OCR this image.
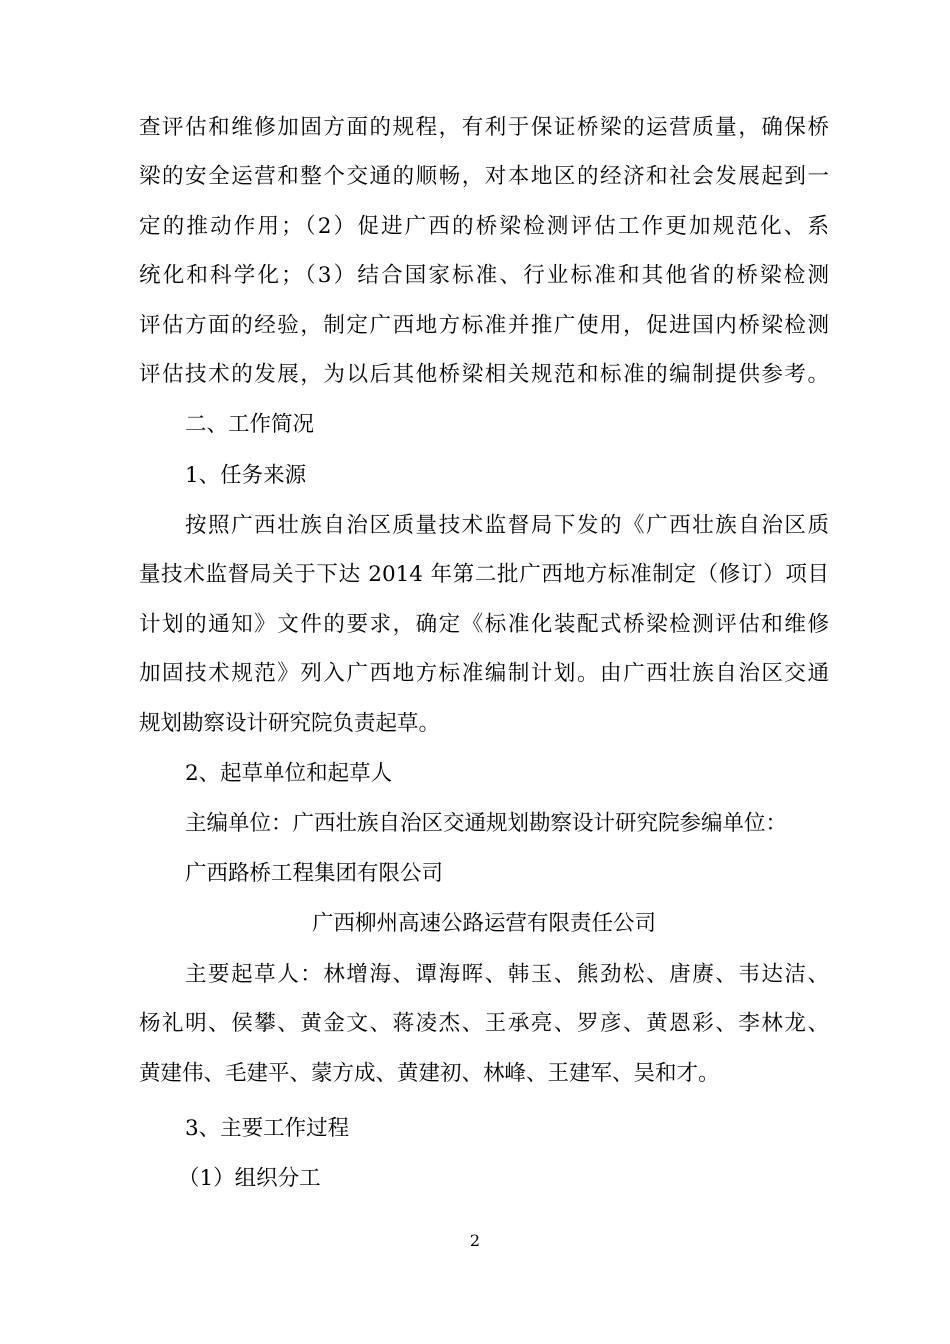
查评估和维修加固方面的规程，有利于保证桥梁的运营质量，确保桥
梁的安全运营和整个交通的顺畅，对本地区的经济和社会发展起到一
定的推动作用；（2）促进广西的桥梁检测评估工作更加规范化、系
统化和科学化；（3）结合国家标准、行业标准和其他省的桥梁检测
评估方面的经验，制定广西地方标准并推广使用，促进国内桥梁检测
评估技术的发展，为以后其他桥梁相关规范和标准的编制提供参考。
二、工作简况
1、任务来源
按照广西壮族自治区质量技术监督局下发的《广西壮族自治区质
量技术监督局关于下达 2014 年第二批广西地方标准制定（修订）项目
计划的通知》文件的要求，确定《标准化装配式桥梁检测评估和维修
加固技术规范》列入广西地方标准编制计划。由广西壮族自治区交通
规划勘察设计研究院负责起草。
2、起草单位和起草人
主编单位：广西壮族自治区交通规划勘察设计研究院参编单位：
广西路桥工程集团有限公司
广西柳州高速公路运营有限责任公司
主要起草人：林增海、谭海晖、韩玉、熊劲松、唐赓、韦达洁、
杨礼明、侯攀、黄金文、蒋凌杰、王承亮、罗彦、黄恩彩、李林龙、
黄建伟、毛建平、蒙方成、黄建初、林峰、王建军、吴和才。
3、主要工作过程
（1）组织分工
2
